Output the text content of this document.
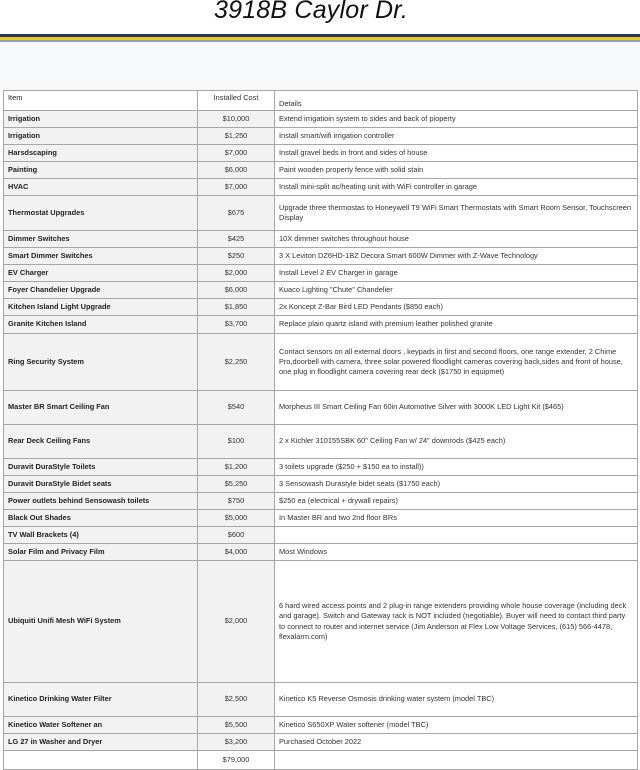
3918B Caylor Dr.
Item	Installed Cost	Details
Irrigation	$10,000	Extend irrigatioin system to sides and back of pioperty
Irrigation	$1,250	Install smart/wifi irrigation controller
Harsdscaping	$7,000	Install gravel beds in front and sides of house
Painting	$6,000	Paint wooden property fence with solid stain
HVAC	$7,000	Install mini-split ac/heating unit with WiFi controller in garage
Thermostat Upgrades	$675	Upgrade three thermostas to Honeywell T9 WiFi Smart Thermostats with Smart Room Sensor, Touchscreen Display
Dimmer Switches	$425	10X dimmer switches throughout house
Smart Dimmer Switches	$250	3 X Leviton DZ6HD-1BZ Decora Smart 600W Dimmer with Z-Wave Technology
EV Charger	$2,000	Install Level 2 EV Charger in garage
Foyer Chandelier Upgrade	$6,000	Kuaco Lighting "Chute" Chandelier
Kitchen Island Light Upgrade	$1,850	2x Koncept Z-Bar Bird LED Pendants ($850 each)
Granite Kitchen Island	$3,700	Replace plain quartz island with premium leather polished granite
Ring Security System	$2,250	Contact sensors on all external doors , keypads in first and second floors, one range extender, 2 Chime Pro,doorbell with camera, three solar powered floodlight cameras covering back,sides and front of house, one plug in floodlight camera covering rear deck ($1750 in equipmet)
Master BR Smart Ceiling Fan	$540	Morpheus III Smart Ceiling Fan 60in Automotive Silver with 3000K LED Light Kit ($465)
Rear Deck Ceiling Fans	$100	2 x Kichler 310155SBK 60" Ceiling Fan w/ 24" downrods ($425 each)
Duravit DuraStyle Toilets	$1,200	3 toilets upgrade ($250 + $150 ea to install))
Duravit DuraStyle Bidet seats	$5,250	3 Sensowash Durastyle bidet seats ($1750 each)
Power outlets behind Sensowash toilets	$750	$250 ea (electrical + drywall repairs)
Black Out Shades	$5,000	In Master BR and two 2nd floor BRs
TV Wall Brackets (4)	$600	
Solar Film and Privacy Film	$4,000	Most Windows
Ubiquiti Unifi Mesh WiFi System	$2,000	6 hard wired access points and 2 plug-in range extenders providing whole house coverage (including deck and garage). Switch and Gateway rack is NOT included (negotiable). Buyer will need to contact third party to connect to router and internet service (Jim Anderson at Flex Low Voltage Services, (615) 566-4478, flexalarm.com)
Kinetico Drinking Water Filter	$2,500	Kinetico K5 Reverse Osmosis drinking water system (model TBC)
Kinetico Water Softener an	$5,500	Kinetico S650XP Water softener (model TBC)
LG 27 in Washer and Dryer	$3,200	Purchased October 2022
	$79,000	
